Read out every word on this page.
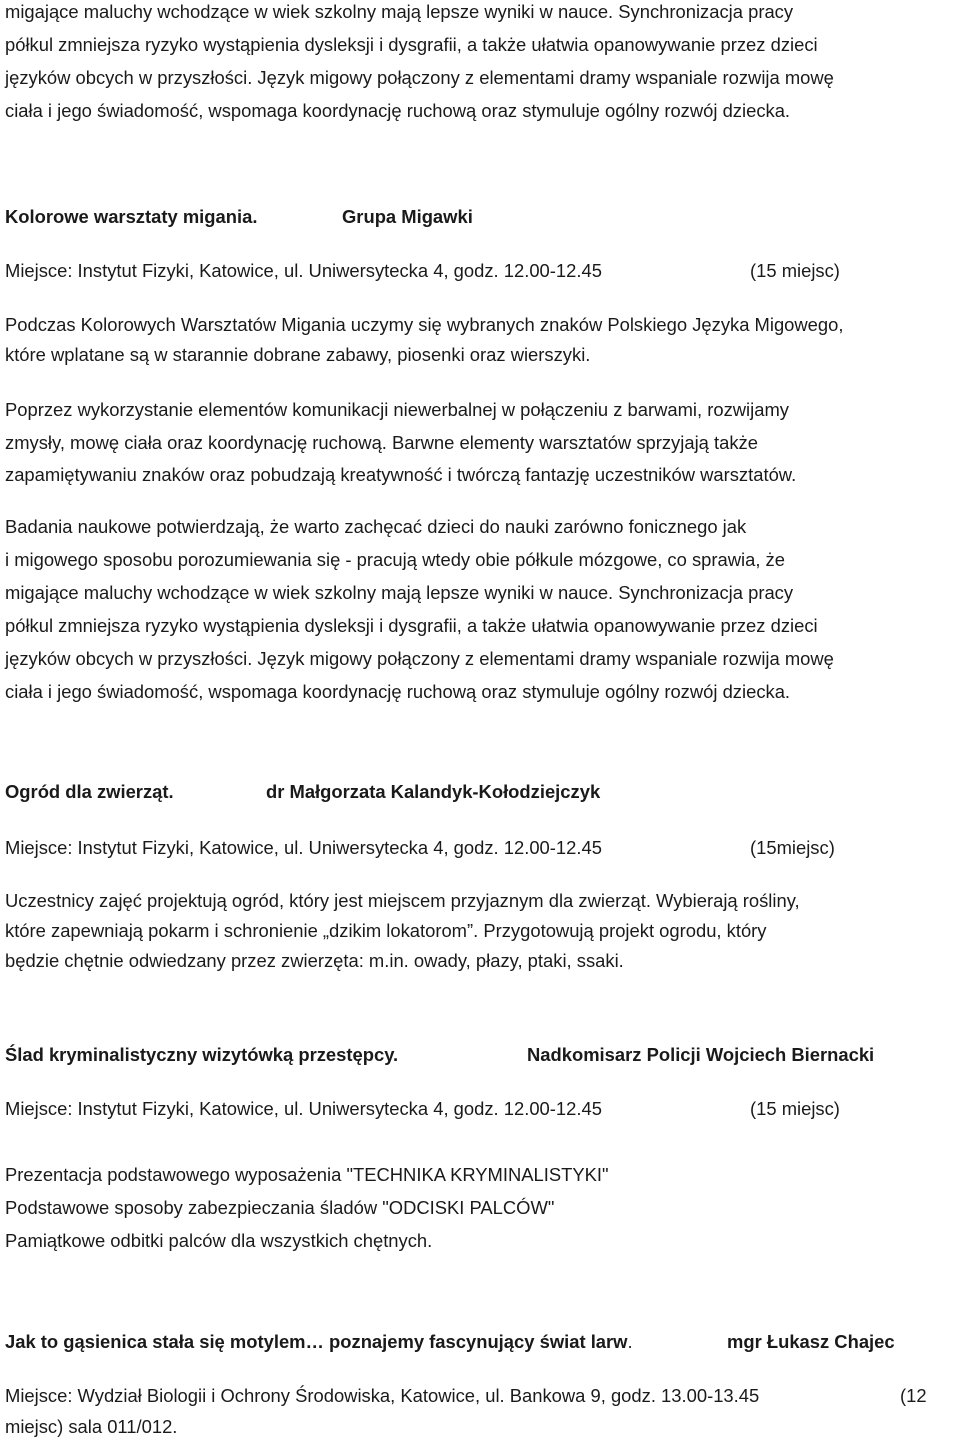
migające maluchy wchodzące w wiek szkolny mają lepsze wyniki w nauce. Synchronizacja pracy
półkul zmniejsza ryzyko wystąpienia dysleksji i dysgrafii, a także ułatwia opanowywanie przez dzieci
języków obcych w przyszłości. Język migowy połączony z elementami dramy wspaniale rozwija mowę
ciała i jego świadomość, wspomaga koordynację ruchową oraz stymuluje ogólny rozwój dziecka.
Kolorowe warsztaty migania.	Grupa Migawki
Miejsce: Instytut Fizyki, Katowice, ul. Uniwersytecka 4, godz. 12.00-12.45	(15 miejsc)
Podczas Kolorowych Warsztatów Migania uczymy się wybranych znaków Polskiego Języka Migowego,
które wplatane są w starannie dobrane zabawy, piosenki oraz wierszyki.
Poprzez wykorzystanie elementów komunikacji niewerbalnej w połączeniu z barwami, rozwijamy
zmysły, mowę ciała oraz koordynację ruchową. Barwne elementy warsztatów sprzyjają także
zapamiętywaniu znaków oraz pobudzają kreatywność i twórczą fantazję uczestników warsztatów.
Badania naukowe potwierdzają, że warto zachęcać dzieci do nauki zarówno fonicznego jak
i migowego sposobu porozumiewania się - pracują wtedy obie półkule mózgowe, co sprawia, że
migające maluchy wchodzące w wiek szkolny mają lepsze wyniki w nauce. Synchronizacja pracy
półkul zmniejsza ryzyko wystąpienia dysleksji i dysgrafii, a także ułatwia opanowywanie przez dzieci
języków obcych w przyszłości. Język migowy połączony z elementami dramy wspaniale rozwija mowę
ciała i jego świadomość, wspomaga koordynację ruchową oraz stymuluje ogólny rozwój dziecka.
Ogród dla zwierząt.	dr Małgorzata Kalandyk-Kołodziejczyk
Miejsce: Instytut Fizyki, Katowice, ul. Uniwersytecka 4, godz. 12.00-12.45	(15miejsc)
Uczestnicy zajęć projektują ogród, który jest miejscem przyjaznym dla zwierząt. Wybierają rośliny,
które zapewniają pokarm i schronienie „dzikim lokatorom”. Przygotowują projekt ogrodu, który
będzie chętnie odwiedzany przez zwierzęta: m.in. owady, płazy, ptaki, ssaki.
Ślad kryminalistyczny wizytówką przestępcy.	Nadkomisarz Policji Wojciech Biernacki
Miejsce: Instytut Fizyki, Katowice, ul. Uniwersytecka 4, godz. 12.00-12.45	(15 miejsc)
Prezentacja podstawowego wyposażenia "TECHNIKA KRYMINALISTYKI"
Podstawowe sposoby zabezpieczania śladów "ODCISKI PALCÓW"
Pamiątkowe odbitki palców dla wszystkich chętnych.
Jak to gąsienica stała się motylem… poznajemy fascynujący świat larw.	mgr Łukasz Chajec
Miejsce: Wydział Biologii i Ochrony Środowiska, Katowice, ul. Bankowa 9, godz. 13.00-13.45	(12
miejsc) sala 011/012.
